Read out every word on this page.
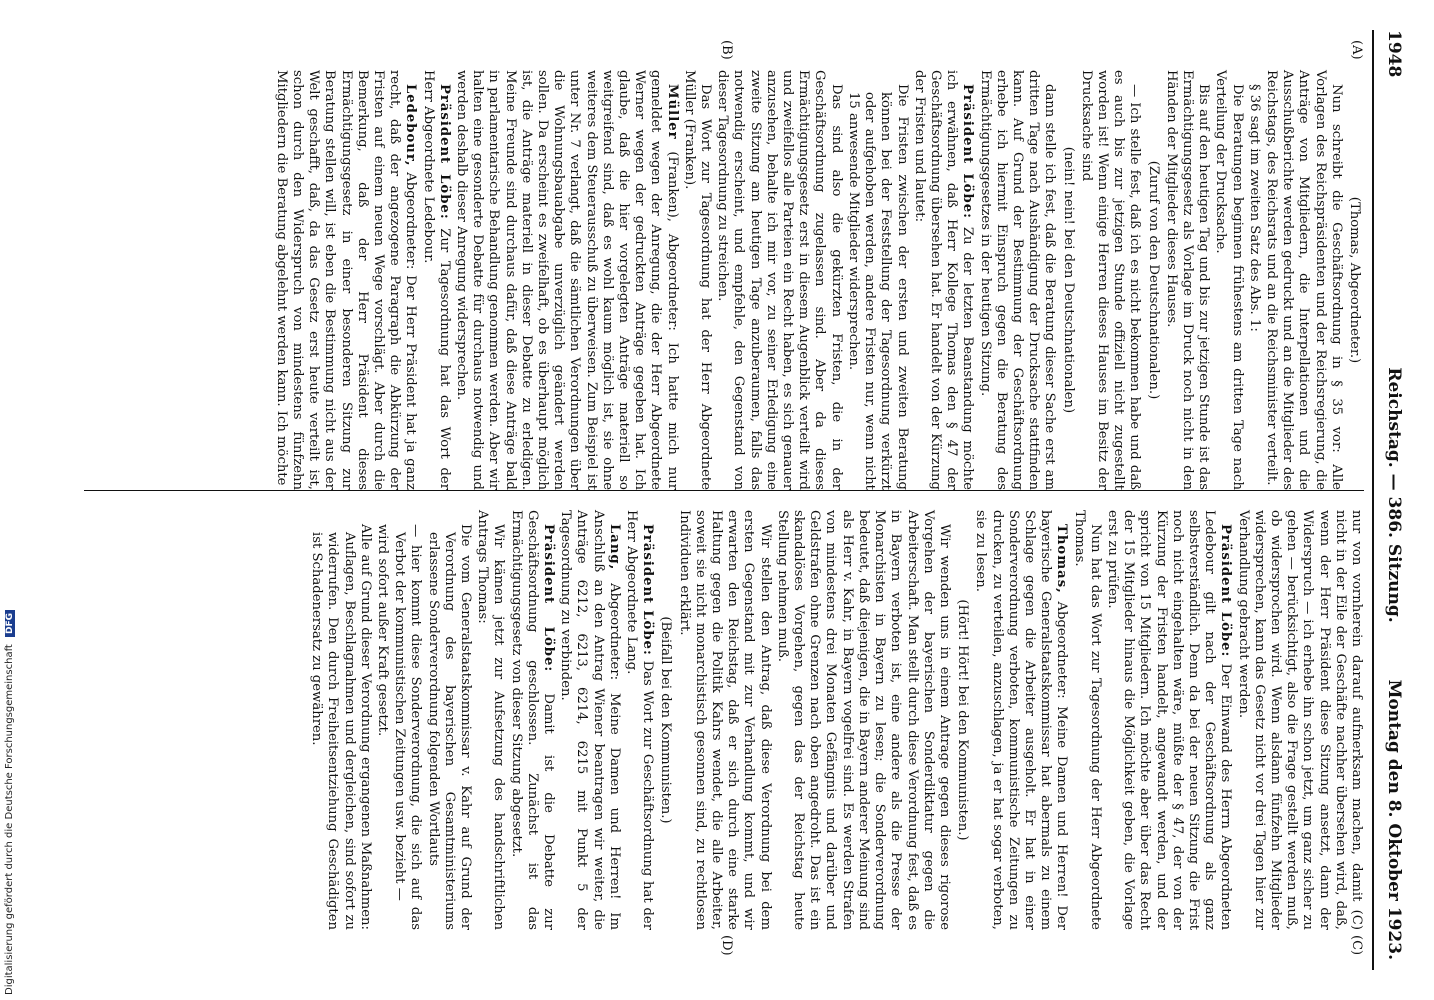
1948
Reichstag. — 386. Sitzung.
Montag den 8. Oktober 1923.
(A)
(B)
(C)
(D)

(Thomas, Abgeordneter.)

Nun schreibt die Geschäftsordnung in § 35 vor: Alle Vorlagen des Reichspräsidenten und der Reichsregierung, die Anträge von Mitgliedern, die Interpellationen und die Ausschußberichte werden gedruckt und an die Mitglieder des Reichstags, des Reichsrats und an die Reichsminister verteilt.

§ 36 sagt im zweiten Satz des Abs. 1:

Die Beratungen beginnen frühestens am dritten Tage nach Verteilung der Drucksache.

Bis auf den heutigen Tag und bis zur jetzigen Stunde ist das Ermächtigungsgesetz als Vorlage im Druck noch nicht in den Händen der Mitglieder dieses Hauses.

(Zuruf von den Deutschnationalen.)

— Ich stelle fest, daß ich es nicht bekommen habe und daß es auch bis zur jetzigen Stunde offiziell nicht zugestellt worden ist! Wenn einige Herren dieses Hauses im Besitz der Drucksache sind

(nein! nein! bei den Deutschnationalen)

dann stelle ich fest, daß die Beratung dieser Sache erst am dritten Tage nach Aushändigung der Drucksache stattfinden kann. Auf Grund der Bestimmung der Geschäftsordnung erhebe ich hiermit Einspruch gegen die Beratung des Ermächtigungsgesetzes in der heutigen Sitzung.

Präsident Löbe: Zu der letzten Beanstandung möchte ich erwähnen, daß Herr Kollege Thomas den § 47 der Geschäftsordnung übersehen hat. Er handelt von der Kürzung der Fristen und lautet:

Die Fristen zwischen der ersten und zweiten Beratung können bei der Feststellung der Tagesordnung verkürzt oder aufgehoben werden, andere Fristen nur, wenn nicht 15 anwesende Mitglieder widersprechen.

Das sind also die gekürzten Fristen, die in der Geschäftsordnung zugelassen sind. Aber da dieses Ermächtigungsgesetz erst in diesem Augenblick verteilt wird und zweifellos alle Parteien ein Recht haben, es sich genauer anzusehen, behalte ich mir vor, zu seiner Erledigung eine zweite Sitzung am heutigen Tage anzuberaumen, falls das notwendig erscheint, und empfehle, den Gegenstand von dieser Tagesordnung zu streichen.

Das Wort zur Tagesordnung hat der Herr Abgeordnete Müller (Franken).

Müller (Franken), Abgeordneter: Ich hatte mich nur gemeldet wegen der Anregung, die der Herr Abgeordnete Werner wegen der gedruckten Anträge gegeben hat. Ich glaube, daß die hier vorgelegten Anträge materiell so weitgreifend sind, daß es wohl kaum möglich ist, sie ohne weiteres dem Steuerausschuß zu überweisen. Zum Beispiel ist unter Nr. 7 verlangt, daß die sämtlichen Verordnungen über die Wohnungsbauabgabe unverzüglich geändert werden sollen. Da erscheint es zweifelhaft, ob es überhaupt möglich ist, die Anträge materiell in dieser Debatte zu erledigen. Meine Freunde sind durchaus dafür, daß diese Anträge bald in parlamentarische Behandlung genommen werden. Aber wir halten eine gesonderte Debatte für durchaus notwendig und werden deshalb dieser Anregung widersprechen.

Präsident Löbe: Zur Tagesordnung hat das Wort der Herr Abgeordnete Ledebour.

Ledebour, Abgeordneter: Der Herr Präsident hat ja ganz recht, daß der angezogene Paragraph die Abkürzung der Fristen auf einem neuen Wege vorschlägt. Aber durch die Bemerkung, daß der Herr Präsident dieses Ermächtigungsgesetz in einer besonderen Sitzung zur Beratung stellen will, ist eben die Bestimmung nicht aus der Welt geschafft, daß, da das Gesetz erst heute verteilt ist, schon durch den Widerspruch von mindestens fünfzehn Mitgliedern die Beratung abgelehnt werden kann. Ich möchte

nur von vornherein darauf aufmerksam machen, damit (C) nicht in der Eile der Geschäfte nachher übersehen wird, daß, wenn der Herr Präsident diese Sitzung ansetzt, dann der Widerspruch — ich erhebe ihn schon jetzt, um ganz sicher zu gehen — berücksichtigt, also die Frage gestellt werden muß, ob widersprochen wird. Wenn alsdann fünfzehn Mitglieder widersprechen, kann das Gesetz nicht vor drei Tagen hier zur Verhandlung gebracht werden.

Präsident Löbe: Der Einwand des Herrn Abgeordneten Ledebour gilt nach der Geschäftsordnung als ganz selbstverständlich. Denn da bei der neuen Sitzung die Frist noch nicht eingehalten wäre, müßte der § 47, der von der Kürzung der Fristen handelt, angewandt werden, und der spricht von 15 Mitgliedern. Ich möchte aber über das Recht der 15 Mitglieder hinaus die Möglichkeit geben, die Vorlage erst zu prüfen.

Nun hat das Wort zur Tagesordnung der Herr Abgeordnete Thomas.

Thomas, Abgeordneter: Meine Damen und Herren! Der bayerische Generalstaatskommissar hat abermals zu einem Schlage gegen die Arbeiter ausgeholt. Er hat in einer Sonderverordnung verboten, kommunistische Zeitungen zu drucken, zu verteilen, anzuschlagen, ja er hat sogar verboten, sie zu lesen.

(Hört! Hört! bei den Kommunisten.)

Wir wenden uns in einem Antrage gegen dieses rigorose Vorgehen der bayerischen Sonderdiktatur gegen die Arbeiterschaft. Man stellt durch diese Verordnung fest, daß es in Bayern verboten ist, eine andere als die Presse der Monarchisten in Bayern zu lesen; die Sonderverordnung bedeutet, daß diejenigen, die in Bayern anderer Meinung sind als Herr v. Kahr, in Bayern vogelfrei sind. Es werden Strafen von mindestens drei Monaten Gefängnis und darüber und Geldstrafen ohne Grenzen nach oben angedroht. Das ist ein skandalöses Vorgehen, gegen das der Reichstag heute Stellung nehmen muß.

Wir stellen den Antrag, daß diese Verordnung bei dem ersten Gegenstand mit zur Verhandlung kommt, und wir erwarten den Reichstag, daß er sich durch eine starke Haltung gegen die Politik Kahrs wendet, die alle Arbeiter, soweit sie nicht monarchistisch gesonnen sind, zu rechtlosen Individuen erklärt.

(Beifall bei den Kommunisten.)

Präsident Löbe: Das Wort zur Geschäftsordnung hat der Herr Abgeordnete Lang.

Lang, Abgeordneter: Meine Damen und Herren! Im Anschluß an den Antrag Wiener beantragen wir weiter, die Anträge 6212, 6213, 6214, 6215 mit Punkt 5 der Tagesordnung zu verbinden.

Präsident Löbe: Damit ist die Debatte zur Geschäftsordnung geschlossen. Zunächst ist das Ermächtigungsgesetz von dieser Sitzung abgesetzt.

Wir kämen jetzt zur Aufsetzung des handschriftlichen Antrags Thomas:

Die vom Generalstaatskommissar v. Kahr auf Grund der Verordnung des bayerischen Gesamtministeriums erlassene Sonderverordnung folgenden Wortlauts

— hier kommt diese Sonderverordnung, die sich auf das Verbot der kommunistischen Zeitungen usw. bezieht —

wird sofort außer Kraft gesetzt.

Alle auf Grund dieser Verordnung ergangenen Maßnahmen: Auflagen, Beschlagnahmen und dergleichen, sind sofort zu widerrufen. Den durch Freiheitsentziehung Geschädigten ist Schadenersatz zu gewähren.

Digitalisierung gefördert durch die Deutsche Forschungsgemeinschaft DFG
